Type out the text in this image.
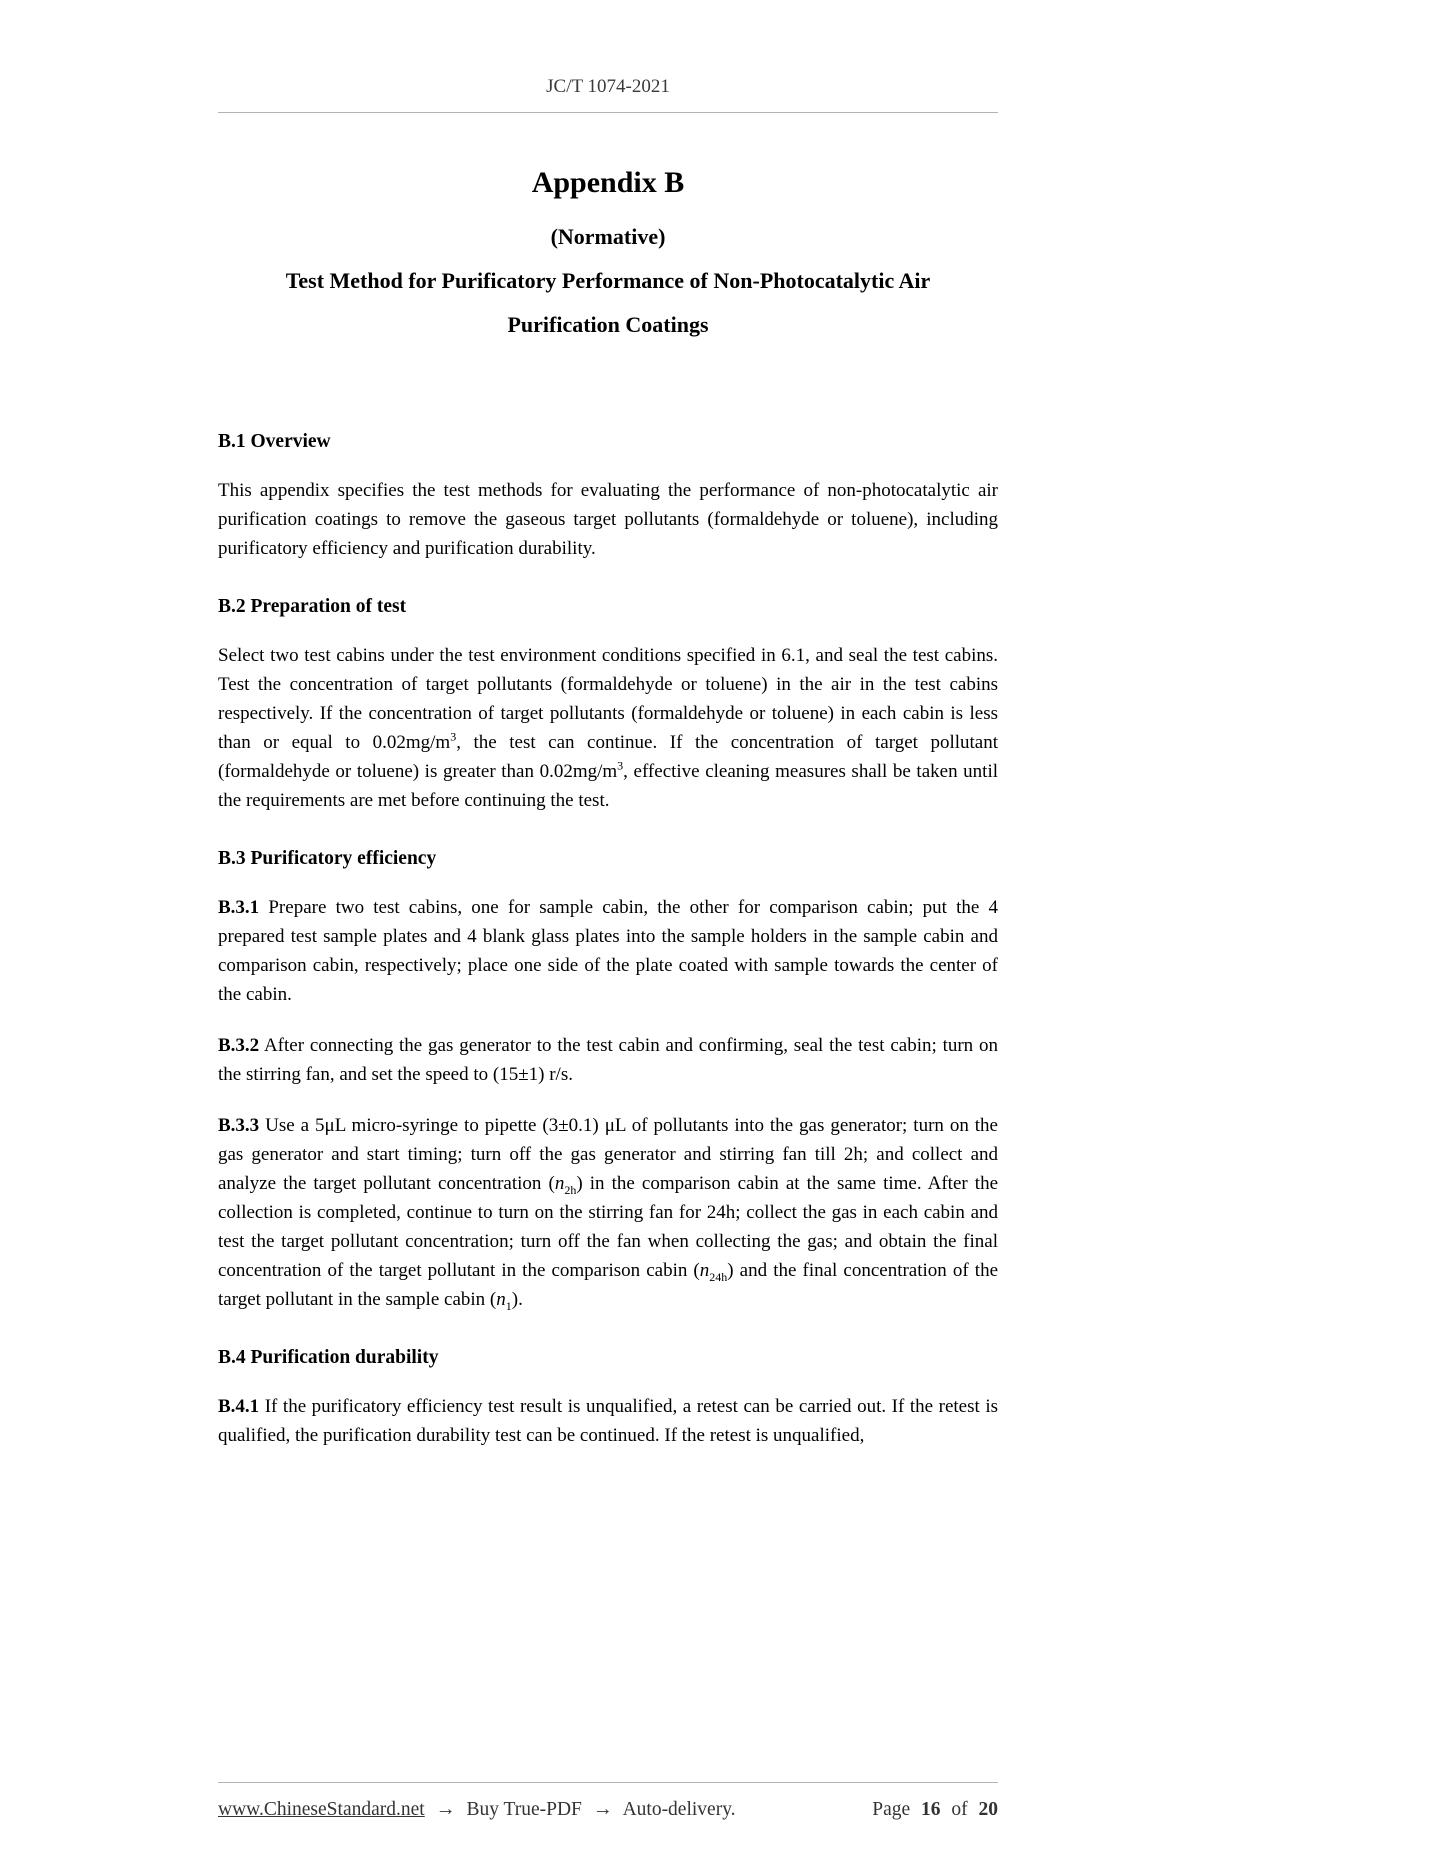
JC/T 1074-2021
Appendix B
(Normative)
Test Method for Purificatory Performance of Non-Photocatalytic Air
Purification Coatings
B.1 Overview

This appendix specifies the test methods for evaluating the performance of non-photocatalytic air purification coatings to remove the gaseous target pollutants (formaldehyde or toluene), including purificatory efficiency and purification durability.

B.2 Preparation of test

Select two test cabins under the test environment conditions specified in 6.1, and seal the test cabins. Test the concentration of target pollutants (formaldehyde or toluene) in the air in the test cabins respectively. If the concentration of target pollutants (formaldehyde or toluene) in each cabin is less than or equal to $0.02mg/m^3$, the test can continue. If the concentration of target pollutant (formaldehyde or toluene) is greater than $0.02mg/m^3$, effective cleaning measures shall be taken until the requirements are met before continuing the test.

B.3 Purificatory efficiency

B.3.1 Prepare two test cabins, one for sample cabin, the other for comparison cabin; put the 4 prepared test sample plates and 4 blank glass plates into the sample holders in the sample cabin and comparison cabin, respectively; place one side of the plate coated with sample towards the center of the cabin.

B.3.2 After connecting the gas generator to the test cabin and confirming, seal the test cabin; turn on the stirring fan, and set the speed to (15±1) r/s.

B.3.3 Use a 5μL micro-syringe to pipette (3±0.1) μL of pollutants into the gas generator; turn on the gas generator and start timing; turn off the gas generator and stirring fan till 2h; and collect and analyze the target pollutant concentration $(n_{2h})$ in the comparison cabin at the same time. After the collection is completed, continue to turn on the stirring fan for 24h; collect the gas in each cabin and test the target pollutant concentration; turn off the fan when collecting the gas; and obtain the final concentration of the target pollutant in the comparison cabin $(n_{24h})$ and the final concentration of the target pollutant in the sample cabin $(n_1)$.

B.4 Purification durability

B.4.1 If the purificatory efficiency test result is unqualified, a retest can be carried out. If the retest is qualified, the purification durability test can be continued. If the retest is unqualified,

www.ChineseStandard.net → Buy True-PDF → Auto-delivery.	Page 16 of 20
